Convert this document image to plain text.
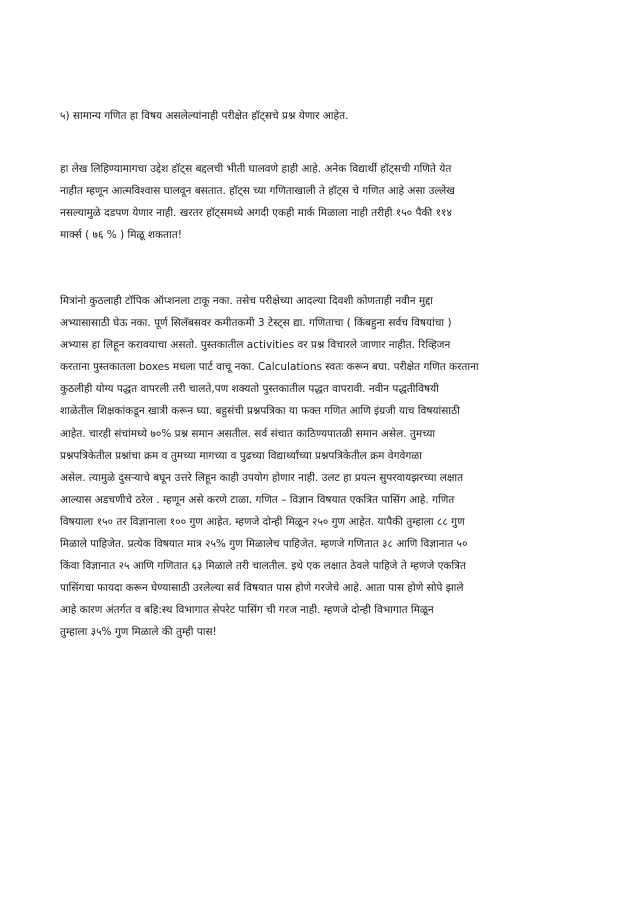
५) सामान्य गणित हा विषय असलेल्यांनाही परीक्षेत हॉट्सचे प्रश्न येणार आहेत.
हा लेख लिहिण्यामागचा उद्देश हॉट्स बद्दलची भीती घालवणे हाही आहे. अनेक विद्यार्थी हॉट्सची गणिते येत
नाहीत म्हणून आत्मविश्वास घालवून बसतात. हॉट्स च्या गणिताखाली ते हॉट्स चे गणित आहे असा उल्लेख
नसल्यामुळे दडपण येणार नाही. खरतर हॉट्समध्ये अगदी एकही मार्क मिळाला नाही तरीही १५० पैकी ११४
मार्क्स ( ७६ % ) मिळू शकतात!
मित्रांनो कुठलाही टॉपिक ऑप्शनला टाकू नका. तसेच परीक्षेच्या आदल्या दिवशी कोणताही नवीन मुद्दा
अभ्यासासाठी घेऊ नका. पूर्ण सिलॅबसवर कमीतकमी 3 टेस्ट्स द्या. गणिताचा ( किंबहुना सर्वच विषयांचा )
अभ्यास हा लिहून करावयाचा असतो. पुस्तकातील activities वर प्रश्न विचारले जाणार नाहीत. रिव्हिजन
करताना पुस्तकातला boxes मधला पार्ट वाचू नका. Calculations स्वतः करून बघा. परीक्षेत गणित करताना
कुठलीही योग्य पद्धत वापरली तरी चालते,पण शक्यतो पुस्तकातील पद्धत वापरावी. नवीन पद्धतीविषयी
शाळेतील शिक्षकांकडून खात्री करून घ्या. बहुसंची प्रश्नपत्रिका या फक्त गणित आणि इंग्रजी याच विषयांसाठी
आहेत. चारही संचांमध्ये ७०% प्रश्न समान असतील. सर्व संचात काठिण्यपातळी समान असेल. तुमच्या
प्रश्नपत्रिकेतील प्रश्नांचा क्रम व तुमच्या मागच्या व पुढच्या विद्यार्थ्यांच्या प्रश्नपत्रिकेतील क्रम वेगवेगळा
असेल. त्यामुळे दुसऱ्याचे बघून उत्तरे लिहून काही उपयोग होणार नाही. उलट हा प्रयत्न सुपरवायझरच्या लक्षात
आल्यास अडचणीचे ठरेल . म्हणून असे करणे टाळा. गणित – विज्ञान विषयात एकत्रित पासिंग आहे. गणित
विषयाला १५० तर विज्ञानाला १०० गुण आहेत. म्हणजे दोन्ही मिळून २५० गुण आहेत. यापैकी तुम्हाला ८८ गुण
मिळाले पाहिजेत. प्रत्येक विषयात मात्र २५% गुण मिळालेच पाहिजेत. म्हणजे गणितात ३८ आणि विज्ञानात ५०
किंवा विज्ञानात २५ आणि गणितात ६३ मिळाले तरी चालतील. इथे एक लक्षात ठेवले पाहिजे ते म्हणजे एकत्रित
पासिंगचा फायदा करून घेण्यासाठी उरलेल्या सर्व विषयात पास होणे गरजेचे आहे. आता पास होणे सोपे झाले
आहे कारण अंतर्गत व बहि:स्थ विभागात सेपरेट पासिंग ची गरज नाही. म्हणजे दोन्ही विभागात मिळून
तुम्हाला ३५% गुण मिळाले की तुम्ही पास!
